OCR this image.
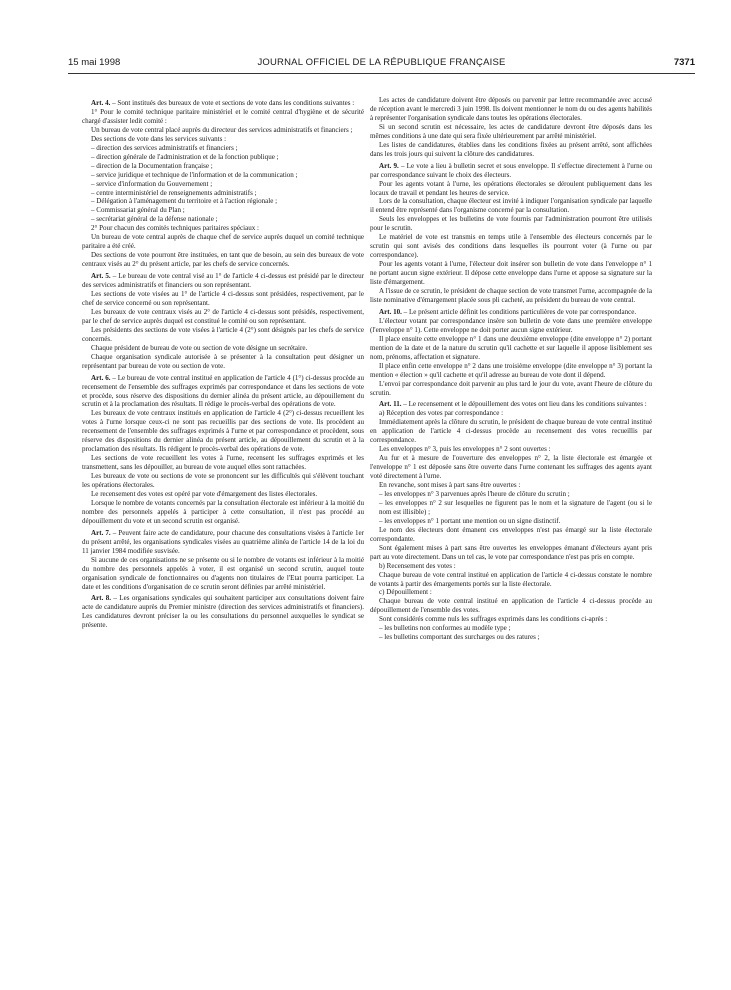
15 mai 1998	JOURNAL OFFICIEL DE LA RÉPUBLIQUE FRANÇAISE	7371

Art. 4. – Sont institués des bureaux de vote et sections de vote dans les conditions suivantes :

1° Pour le comité technique paritaire ministériel et le comité central d'hygiène et de sécurité chargé d'assister ledit comité :

Un bureau de vote central placé auprès du directeur des services administratifs et financiers ;

Des sections de vote dans les services suivants :

– direction des services administratifs et financiers ;

– direction générale de l'administration et de la fonction publique ;

– direction de la Documentation française ;

– service juridique et technique de l'information et de la communication ;

– service d'information du Gouvernement ;

– centre interministériel de renseignements administratifs ;

– Délégation à l'aménagement du territoire et à l'action régionale ;

– Commissariat général du Plan ;

– secrétariat général de la défense nationale ;

2° Pour chacun des comités techniques paritaires spéciaux :

Un bureau de vote central auprès de chaque chef de service auprès duquel un comité technique paritaire a été créé.

Des sections de vote pourront être instituées, en tant que de besoin, au sein des bureaux de vote centraux visés au 2° du présent article, par les chefs de service concernés.

Art. 5. – Le bureau de vote central visé au 1° de l'article 4 ci-dessus est présidé par le directeur des services administratifs et financiers ou son représentant.

Les sections de vote visées au 1° de l'article 4 ci-dessus sont présidées, respectivement, par le chef de service concerné ou son représentant.

Les bureaux de vote centraux visés au 2° de l'article 4 ci-dessus sont présidés, respectivement, par le chef de service auprès duquel est constitué le comité ou son représentant.

Les présidents des sections de vote visées à l'article 4 (2°) sont désignés par les chefs de service concernés.

Chaque président de bureau de vote ou section de vote désigne un secrétaire.

Chaque organisation syndicale autorisée à se présenter à la consultation peut désigner un représentant par bureau de vote ou section de vote.

Art. 6. – Le bureau de vote central institué en application de l'article 4 (1°) ci-dessus procède au recensement de l'ensemble des suffrages exprimés par correspondance et dans les sections de vote et procède, sous réserve des dispositions du dernier alinéa du présent article, au dépouillement du scrutin et à la proclamation des résultats. Il rédige le procès-verbal des opérations de vote.

Les bureaux de vote centraux institués en application de l'article 4 (2°) ci-dessus recueillent les votes à l'urne lorsque ceux-ci ne sont pas recueillis par des sections de vote. Ils procèdent au recensement de l'ensemble des suffrages exprimés à l'urne et par correspondance et procèdent, sous réserve des dispositions du dernier alinéa du présent article, au dépouillement du scrutin et à la proclamation des résultats. Ils rédigent le procès-verbal des opérations de vote.

Les sections de vote recueillent les votes à l'urne, recensent les suffrages exprimés et les transmettent, sans les dépouiller, au bureau de vote auquel elles sont rattachées.

Les bureaux de vote ou sections de vote se prononcent sur les difficultés qui s'élèvent touchant les opérations électorales.

Le recensement des votes est opéré par vote d'émargement des listes électorales.

Lorsque le nombre de votants concernés par la consultation électorale est inférieur à la moitié du nombre des personnels appelés à participer à cette consultation, il n'est pas procédé au dépouillement du vote et un second scrutin est organisé.

Art. 7. – Peuvent faire acte de candidature, pour chacune des consultations visées à l'article 1er du présent arrêté, les organisations syndicales visées au quatrième alinéa de l'article 14 de la loi du 11 janvier 1984 modifiée susvisée.

Si aucune de ces organisations ne se présente ou si le nombre de votants est inférieur à la moitié du nombre des personnels appelés à voter, il est organisé un second scrutin, auquel toute organisation syndicale de fonctionnaires ou d'agents non titulaires de l'Etat pourra participer. La date et les conditions d'organisation de ce scrutin seront définies par arrêté ministériel.

Art. 8. – Les organisations syndicales qui souhaitent participer aux consultations doivent faire acte de candidature auprès du Premier ministre (direction des services administratifs et financiers). Les candidatures devront préciser la ou les consultations du personnel auxquelles le syndicat se présente.

Les actes de candidature doivent être déposés ou parvenir par lettre recommandée avec accusé de réception avant le mercredi 3 juin 1998. Ils doivent mentionner le nom du ou des agents habilités à représenter l'organisation syndicale dans toutes les opérations électorales.

Si un second scrutin est nécessaire, les actes de candidature devront être déposés dans les mêmes conditions à une date qui sera fixée ultérieurement par arrêté ministériel.

Les listes de candidatures, établies dans les conditions fixées au présent arrêté, sont affichées dans les trois jours qui suivent la clôture des candidatures.

Art. 9. – Le vote a lieu à bulletin secret et sous enveloppe. Il s'effectue directement à l'urne ou par correspondance suivant le choix des électeurs.

Pour les agents votant à l'urne, les opérations électorales se déroulent publiquement dans les locaux de travail et pendant les heures de service.

Lors de la consultation, chaque électeur est invité à indiquer l'organisation syndicale par laquelle il entend être représenté dans l'organisme concerné par la consultation.

Seuls les enveloppes et les bulletins de vote fournis par l'administration pourront être utilisés pour le scrutin.

Le matériel de vote est transmis en temps utile à l'ensemble des électeurs concernés par le scrutin qui sont avisés des conditions dans lesquelles ils pourront voter (à l'urne ou par correspondance).

Pour les agents votant à l'urne, l'électeur doit insérer son bulletin de vote dans l'enveloppe n° 1 ne portant aucun signe extérieur. Il dépose cette enveloppe dans l'urne et appose sa signature sur la liste d'émargement.

A l'issue de ce scrutin, le président de chaque section de vote transmet l'urne, accompagnée de la liste nominative d'émargement placée sous pli cacheté, au président du bureau de vote central.

Art. 10. – Le présent article définit les conditions particulières de vote par correspondance.

L'électeur votant par correspondance insère son bulletin de vote dans une première enveloppe (l'enveloppe n° 1). Cette enveloppe ne doit porter aucun signe extérieur.

Il place ensuite cette enveloppe n° 1 dans une deuxième enveloppe (dite enveloppe n° 2) portant mention de la date et de la nature du scrutin qu'il cachette et sur laquelle il appose lisiblement ses nom, prénoms, affectation et signature.

Il place enfin cette enveloppe n° 2 dans une troisième enveloppe (dite enveloppe n° 3) portant la mention « élection » qu'il cachette et qu'il adresse au bureau de vote dont il dépend.

L'envoi par correspondance doit parvenir au plus tard le jour du vote, avant l'heure de clôture du scrutin.

Art. 11. – Le recensement et le dépouillement des votes ont lieu dans les conditions suivantes :

a) Réception des votes par correspondance :

Immédiatement après la clôture du scrutin, le président de chaque bureau de vote central institué en application de l'article 4 ci-dessus procède au recensement des votes recueillis par correspondance.

Les enveloppes n° 3, puis les enveloppes n° 2 sont ouvertes :

Au fur et à mesure de l'ouverture des enveloppes n° 2, la liste électorale est émargée et l'enveloppe n° 1 est déposée sans être ouverte dans l'urne contenant les suffrages des agents ayant voté directement à l'urne.

En revanche, sont mises à part sans être ouvertes :

– les enveloppes n° 3 parvenues après l'heure de clôture du scrutin ;

– les enveloppes n° 2 sur lesquelles ne figurent pas le nom et la signature de l'agent (ou si le nom est illisible) ;

– les enveloppes n° 1 portant une mention ou un signe distinctif.

Le nom des électeurs dont émanent ces enveloppes n'est pas émargé sur la liste électorale correspondante.

Sont également mises à part sans être ouvertes les enveloppes émanant d'électeurs ayant pris part au vote directement. Dans un tel cas, le vote par correspondance n'est pas pris en compte.

b) Recensement des votes :

Chaque bureau de vote central institué en application de l'article 4 ci-dessus constate le nombre de votants à partir des émargements portés sur la liste électorale.

c) Dépouillement :

Chaque bureau de vote central institué en application de l'article 4 ci-dessus procède au dépouillement de l'ensemble des votes.

Sont considérés comme nuls les suffrages exprimés dans les conditions ci-après :

– les bulletins non conformes au modèle type ;

– les bulletins comportant des surcharges ou des ratures ;
